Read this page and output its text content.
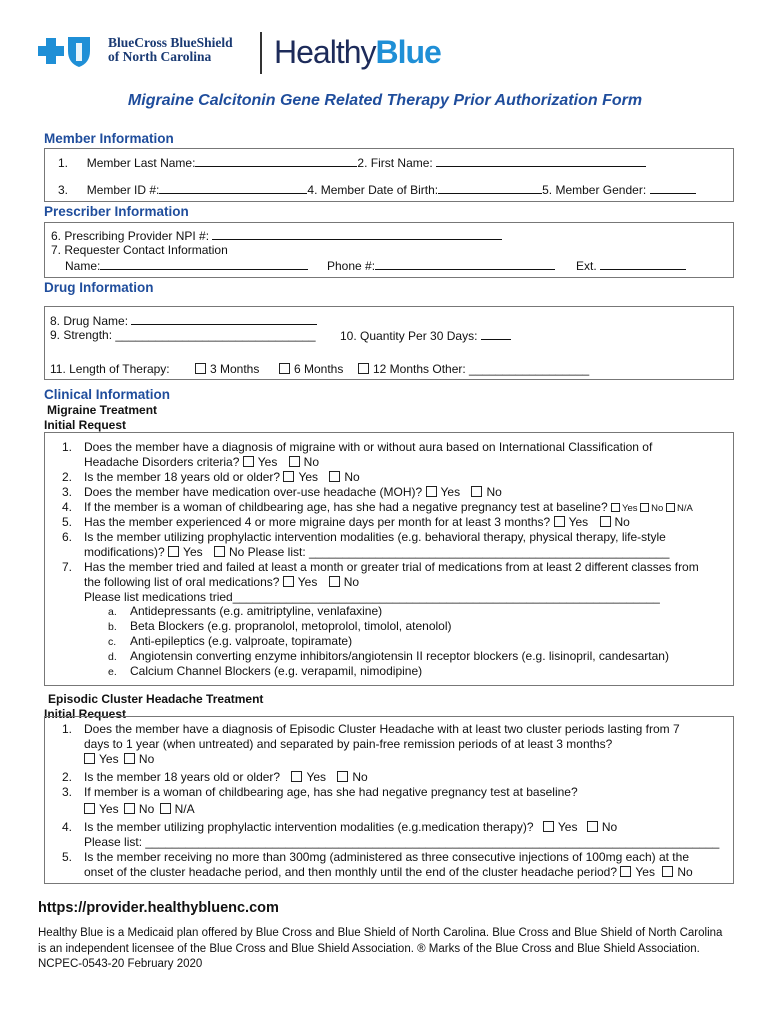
BlueCross BlueShield
of North Carolina	HealthyBlue
Migraine Calcitonin Gene Related Therapy Prior Authorization Form
Member Information
1. Member Last Name:	2. First Name:
3. Member ID #:	4. Member Date of Birth:	5. Member Gender:
Prescriber Information
6. Prescribing Provider NPI #:
7. Requester Contact Information
Name:	Phone #:	Ext.
Drug Information
8. Drug Name:
9. Strength: ______________________________ 10. Quantity Per 30 Days:
11. Length of Therapy:	3 Months	6 Months	12 Months Other: __________________
Clinical Information
Migraine Treatment
Initial Request
1. Does the member have a diagnosis of migraine with or without aura based on International Classification of
Headache Disorders criteria? Yes No
2. Is the member 18 years old or older? Yes No
3. Does the member have medication over-use headache (MOH)? Yes No
4. If the member is a woman of childbearing age, has she had a negative pregnancy test at baseline? Yes No N/A
5. Has the member experienced 4 or more migraine days per month for at least 3 months? Yes No
6. Is the member utilizing prophylactic intervention modalities (e.g. behavioral therapy, physical therapy, life-style
modifications)? Yes No Please list: ______________________________________________________
7. Has the member tried and failed at least a month or greater trial of medications from at least 2 different classes from
the following list of oral medications? Yes No
Please list medications tried________________________________________________________________
a. Antidepressants (e.g. amitriptyline, venlafaxine)
b. Beta Blockers (e.g. propranolol, metoprolol, timolol, atenolol)
c. Anti-epileptics (e.g. valproate, topiramate)
d. Angiotensin converting enzyme inhibitors/angiotensin II receptor blockers (e.g. lisinopril, candesartan)
e. Calcium Channel Blockers (e.g. verapamil, nimodipine)
Episodic Cluster Headache Treatment
Initial Request
1. Does the member have a diagnosis of Episodic Cluster Headache with at least two cluster periods lasting from 7
days to 1 year (when untreated) and separated by pain-free remission periods of at least 3 months?
Yes No
2. Is the member 18 years old or older? Yes No
3. If member is a woman of childbearing age, has she had negative pregnancy test at baseline?
Yes No N/A
4. Is the member utilizing prophylactic intervention modalities (e.g.medication therapy)? Yes No
Please list: ______________________________________________________________________________________
5. Is the member receiving no more than 300mg (administered as three consecutive injections of 100mg each) at the
onset of the cluster headache period, and then monthly until the end of the cluster headache period? Yes No
https://provider.healthybluenc.com
Healthy Blue is a Medicaid plan offered by Blue Cross and Blue Shield of North Carolina. Blue Cross and Blue Shield of North Carolina is an independent licensee of the Blue Cross and Blue Shield Association. ® Marks of the Blue Cross and Blue Shield Association.
NCPEC-0543-20 February 2020
